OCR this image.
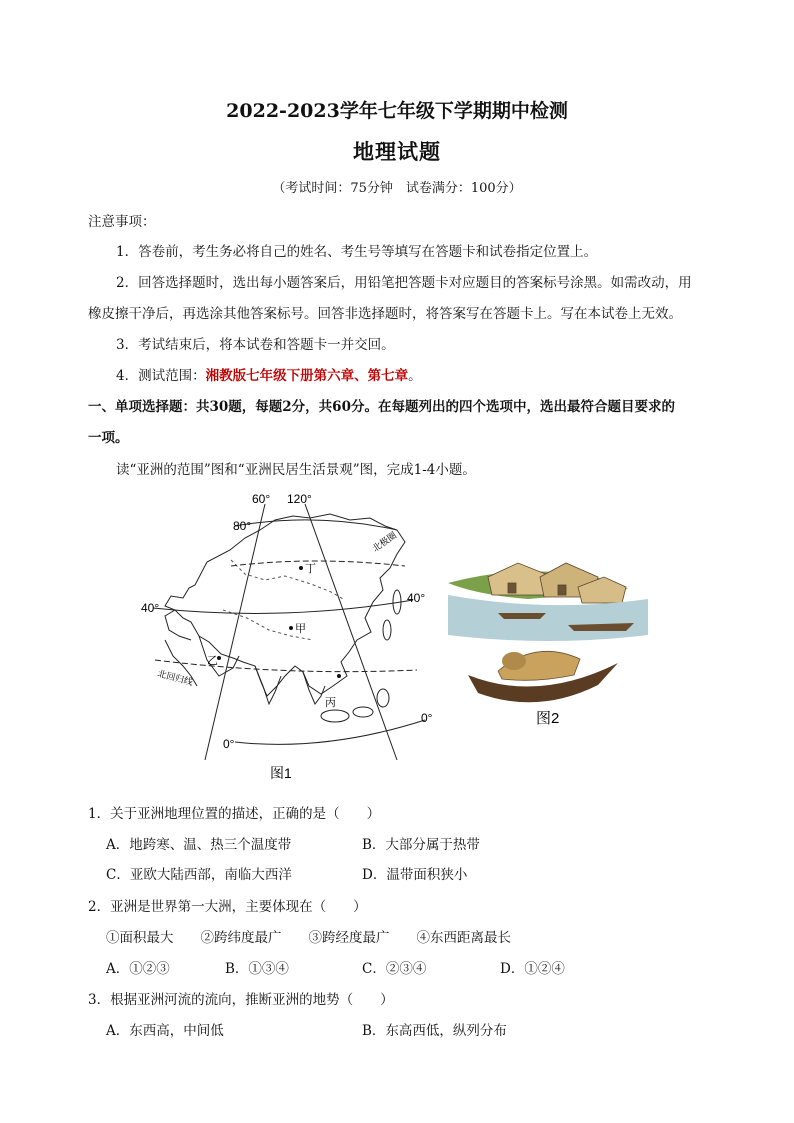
2022-2023学年七年级下学期期中检测
地理试题
（考试时间：75分钟　试卷满分：100分）
注意事项：
1．答卷前，考生务必将自己的姓名、考生号等填写在答题卡和试卷指定位置上。
2．回答选择题时，选出每小题答案后，用铅笔把答题卡对应题目的答案标号涂黑。如需改动，用
橡皮擦干净后，再选涂其他答案标号。回答非选择题时，将答案写在答题卡上。写在本试卷上无效。
3．考试结束后，将本试卷和答题卡一并交回。
4．测试范围：湘教版七年级下册第六章、第七章。
一、单项选择题：共30题，每题2分，共60分。在每题列出的四个选项中，选出最符合题目要求的
一项。
读“亚洲的范围”图和“亚洲民居生活景观”图，完成1-4小题。
60° 120°
80°
40°
40°
0°
0°
北极圈
北回归线
甲
乙
丙
丁
图1
图2
1．关于亚洲地理位置的描述，正确的是（　　）
A．地跨寒、温、热三个温度带	B．大部分属于热带
C．亚欧大陆西部，南临大西洋	D．温带面积狭小
2．亚洲是世界第一大洲，主要体现在（　　）
①面积最大　　②跨纬度最广　　③跨经度最广　　④东西距离最长
A．①②③	B．①③④	C．②③④	D．①②④
3．根据亚洲河流的流向，推断亚洲的地势（　　）
A．东西高，中间低	B．东高西低，纵列分布
